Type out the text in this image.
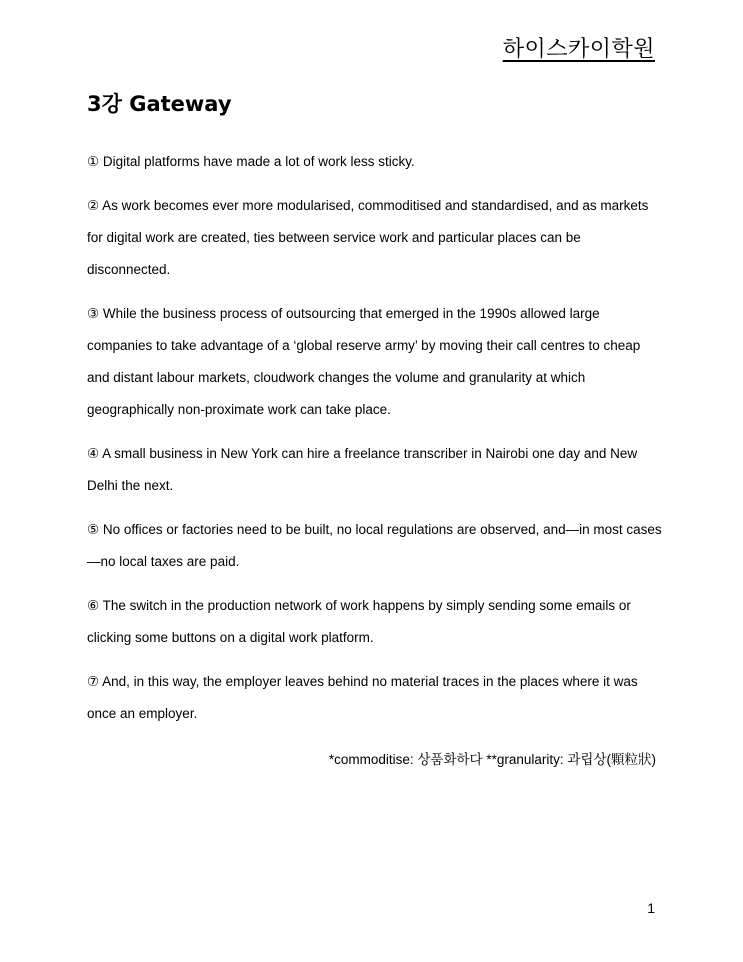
하이스카이학원
3강 Gateway

① Digital platforms have made a lot of work less sticky.

② As work becomes ever more modularised, commoditised and standardised, and as markets for digital work are created, ties between service work and particular places can be disconnected.

③ While the business process of outsourcing that emerged in the 1990s allowed large companies to take advantage of a ‘global reserve army’ by moving their call centres to cheap and distant labour markets, cloudwork changes the volume and granularity at which geographically non-proximate work can take place.

④ A small business in New York can hire a freelance transcriber in Nairobi one day and New Delhi the next.

⑤ No offices or factories need to be built, no local regulations are observed, and—in most cases—no local taxes are paid.

⑥ The switch in the production network of work happens by simply sending some emails or clicking some buttons on a digital work platform.

⑦ And, in this way, the employer leaves behind no material traces in the places where it was once an employer.

*commoditise: 상품화하다 **granularity: 과립상(顆粒狀)
1
